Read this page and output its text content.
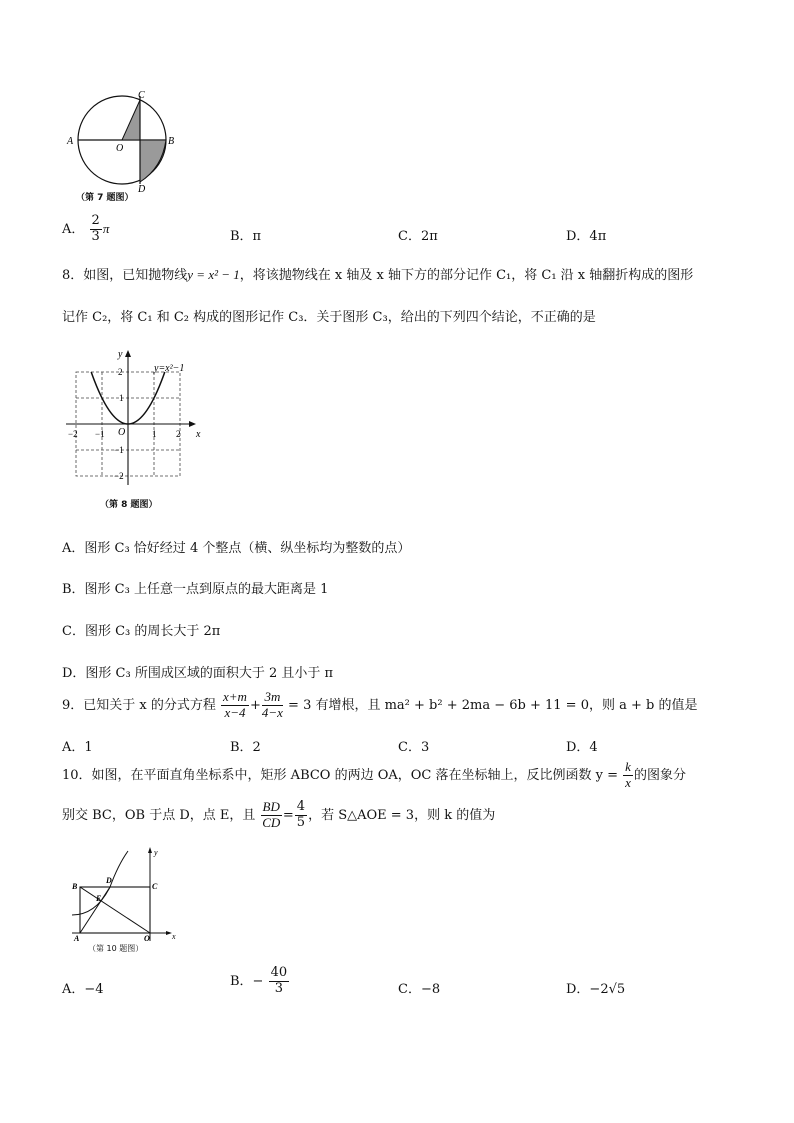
A
O
B
C
D
（第 7 题图）
A． $\frac{2}{3}$ π
B．π	C．2π	D．4π
8．如图，已知抛物线y = x² − 1，将该抛物线在 x 轴及 x 轴下方的部分记作 C₁，将 C₁ 沿 x 轴翻折构成的图形
记作 C₂，将 C₁ 和 C₂ 构成的图形记作 C₃．关于图形 C₃，给出的下列四个结论，不正确的是
x
y
O
y=x²−1
−2 −1	1 2
2
1
−1
−2
（第 8 题图）
A．图形 C₃ 恰好经过 4 个整点（横、纵坐标均为整数的点）
B．图形 C₃ 上任意一点到原点的最大距离是 1
C．图形 C₃ 的周长大于 2π
D．图形 C₃ 所围成区域的面积大于 2 且小于 π
9．已知关于 x 的分式方程 $\frac{x+m}{x-4} + \frac{3m}{4-x} = 3$ 有增根，且 ma² + b² + 2ma − 6b + 11 = 0，则 a + b 的值是
A．1	B．2	C．3	D．4
10．如图，在平面直角坐标系中，矩形 ABCO 的两边 OA，OC 落在坐标轴上，反比例函数 $y = \frac{k}{x}$ 的图象分
别交 BC，OB 于点 D，点 E，且 $\frac{BD}{CD} = \frac{4}{5}$ ，若 S△AOE = 3，则 k 的值为
B
D
E
C
A	O
y
x
（第 10 题图）
A．−4
B．− $\frac{40}{3}$	C．−8	D．−2√5
